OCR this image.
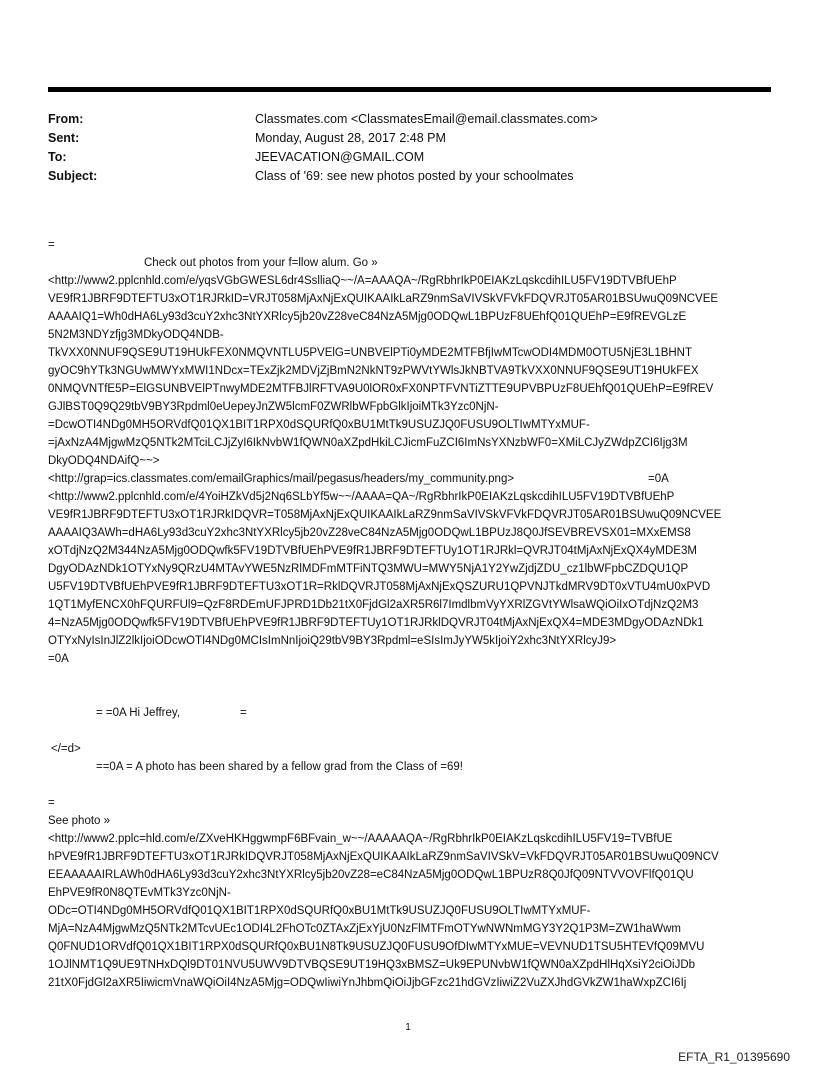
From:	Classmates.com <ClassmatesEmail@email.classmates.com>
Sent:	Monday, August 28, 2017 2:48 PM
To:	JEEVACATION@GMAIL.COM
Subject:	Class of '69: see new photos posted by your schoolmates
=
Check out photos from your f=llow alum. Go »
<http://www2.pplcnhld.com/e/yqsVGbGWESL6dr4SslliaQ~~/A=AAAQA~/RgRbhrIkP0EIAKzLqskcdihILU5FV19DTVBfUEhP
VE9fR1JBRF9DTEFTU3xOT1RJRkID=VRJT058MjAxNjExQUIKAAIkLaRZ9nmSaVIVSkVFVkFDQVRJT05AR01BSUwuQ09NCVEE
AAAAIQ1=Wh0dHA6Ly93d3cuY2xhc3NtYXRlcy5jb20vZ28veC84NzA5Mjg0ODQwL1BPUzF8UEhfQ01QUEhP=E9fREVGLzE
5N2M3NDYzfjg3MDkyODQ4NDB-
TkVXX0NNUF9QSE9UT19HUkFEX0NMQVNTLU5PVElG=UNBVElPTi0yMDE2MTFBfjIwMTcwODI4MDM0OTU5NjE3L1BHNT
gyOC9hYTk3NGUwMWYxMWI1NDcx=TExZjk2MDVjZjBmN2NkNT9zPWVtYWlsJkNBTVA9TkVXX0NNUF9QSE9UT19HUkFEX
0NMQVNTfE5P=ElGSUNBVElPTnwyMDE2MTFBJlRFTVA9U0lOR0xFX0NPTFVNTiZTTE9UPVBPUzF8UEhfQ01QUEhP=E9fREV
GJlBST0Q9Q29tbV9BY3Rpdml0eUepeyJnZW5lcmF0ZWRlbWFpbGlkIjoiMTk3Yzc0NjN-
=DcwOTI4NDg0MH5ORVdfQ01QX1BIT1RPX0dSQURfQ0xBU1MtTk9USUZJQ0FUSU9OLTIwMTYxMUF-
=jAxNzA4MjgwMzQ5NTk2MTciLCJjZyI6IkNvbW1fQWN0aXZpdHkiLCJicmFuZCI6ImNsYXNzbWF0=XMiLCJyZWdpZCI6Ijg3M
DkyODQ4NDAifQ~~>
<http://grap=ics.classmates.com/emailGraphics/mail/pegasus/headers/my_community.png>	=0A
<http://www2.pplcnhld.com/e/4YoiHZkVd5j2Nq6SLbYf5w~~/AAAA=QA~/RgRbhrIkP0EIAKzLqskcdihILU5FV19DTVBfUEhP
VE9fR1JBRF9DTEFTU3xOT1RJRkIDQVR=T058MjAxNjExQUIKAAIkLaRZ9nmSaVIVSkVFVkFDQVRJT05AR01BSUwuQ09NCVEE
AAAAIQ3AWh=dHA6Ly93d3cuY2xhc3NtYXRlcy5jb20vZ28veC84NzA5Mjg0ODQwL1BPUzJ8Q0JfSEVBREVSX01=MXxEMS8
xOTdjNzQ2M344NzA5Mjg0ODQwfk5FV19DTVBfUEhPVE9fR1JBRF9DTEFTUy1OT1RJRkl=QVRJT04tMjAxNjExQX4yMDE3M
DgyODAzNDk1OTYxNy9QRzU4MTAvYWE5NzRlMDFmMTFiNTQ3MWU=MWY5NjA1Y2YwZjdjZDU_cz1lbWFpbCZDQU1QP
U5FV19DTVBfUEhPVE9fR1JBRF9DTEFTU3xOT1R=RklDQVRJT058MjAxNjExQSZURU1QPVNJTkdMRV9DT0xVTU4mU0xPVD
1QT1MyfENCX0hFQURFUl9=QzF8RDEmUFJPRD1Db21tX0FjdGl2aXR5R6l7ImdlbmVyYXRlZGVtYWlsaWQiOiIxOTdjNzQ2M3
4=NzA5Mjg0ODQwfk5FV19DTVBfUEhPVE9fR1JBRF9DTEFTUy1OT1RJRklDQVRJT04tMjAxNjExQX4=MDE3MDgyODAzNDk1
OTYxNyIsInJlZ2lkIjoiODcwOTI4NDg0MCIsImNnIjoiQ29tbV9BY3Rpdml=eSIsImJyYW5kIjoiY2xhc3NtYXRlcyJ9>
=0A
= =0A Hi Jeffrey,	=
</=d>
==0A = A photo has been shared by a fellow grad from the Class of =69!
=
See photo »
<http://www2.pplc=hld.com/e/ZXveHKHggwmpF6BFvain_w~~/AAAAAQA~/RgRbhrIkP0EIAKzLqskcdihILU5FV19=TVBfUE
hPVE9fR1JBRF9DTEFTU3xOT1RJRkIDQVRJT058MjAxNjExQUIKAAIkLaRZ9nmSaVIVSkV=VkFDQVRJT05AR01BSUwuQ09NCV
EEAAAAAIRLAWh0dHA6Ly93d3cuY2xhc3NtYXRlcy5jb20vZ28=eC84NzA5Mjg0ODQwL1BPUzR8Q0JfQ09NTVVOVFlfQ01QU
EhPVE9fR0N8QTEvMTk3Yzc0NjN-
ODc=OTI4NDg0MH5ORVdfQ01QX1BIT1RPX0dSQURfQ0xBU1MtTk9USUZJQ0FUSU9OLTIwMTYxMUF-
MjA=NzA4MjgwMzQ5NTk2MTcvUEc1ODI4L2FhOTc0ZTAxZjExYjU0NzFlMTFmOTYwNWNmMGY3Y2Q1P3M=ZW1haWwm
Q0FNUD1ORVdfQ01QX1BIT1RPX0dSQURfQ0xBU1N8Tk9USUZJQ0FUSU9OfDIwMTYxMUE=VEVNUD1TSU5HTEVfQ09MVU
1OJlNMT1Q9UE9TNHxDQl9DT01NVU5UWV9DTVBQSE9UT19HQ3xBMSZ=Uk9EPUNvbW1fQWN0aXZpdHlHqXsiY2ciOiJDb
21tX0FjdGl2aXR5IiwicmVnaWQiOiI4NzA5Mjg=ODQwIiwiYnJhbmQiOiJjbGFzc21hdGVzIiwiZ2VuZXJhdGVkZW1haWxpZCI6Ij
1
EFTA_R1_01395690
